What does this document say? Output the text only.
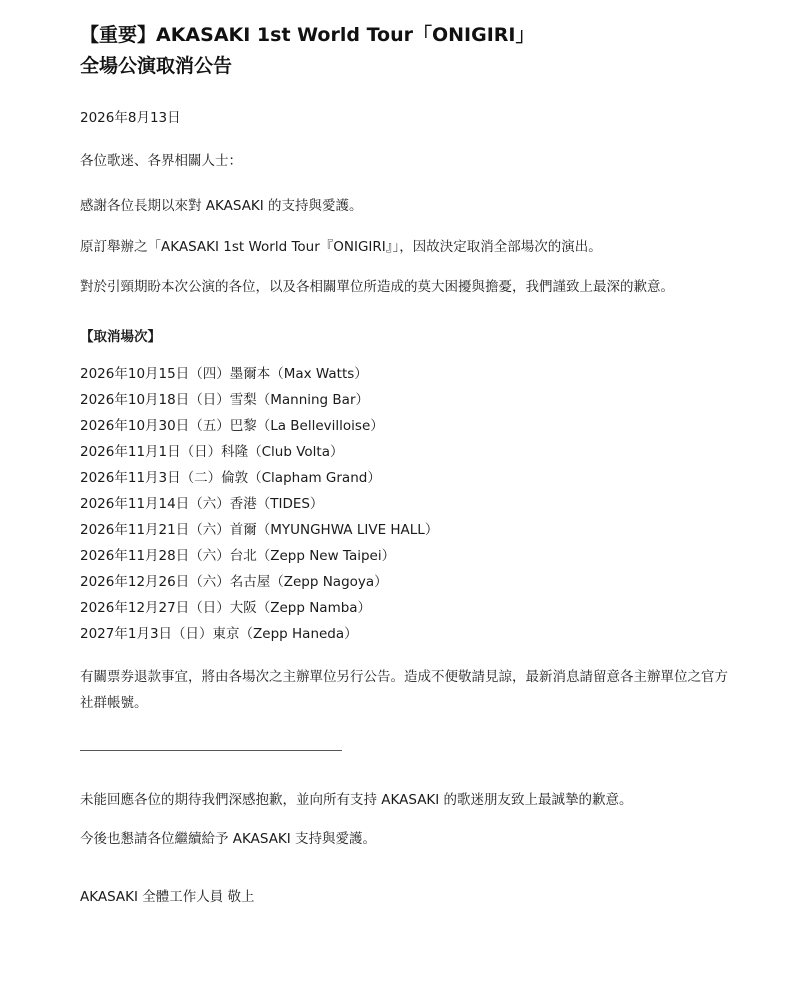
【重要】AKASAKI 1st World Tour「ONIGIRI」
全場公演取消公告

2026年8月13日

各位歌迷、各界相關人士：

感謝各位長期以來對 AKASAKI 的支持與愛護。

原訂舉辦之「AKASAKI 1st World Tour『ONIGIRI』」，因故決定取消全部場次的演出。

對於引頸期盼本次公演的各位，以及各相關單位所造成的莫大困擾與擔憂，我們謹致上最深的歉意。

【取消場次】

2026年10月15日（四）墨爾本（Max Watts）
2026年10月18日（日）雪梨（Manning Bar）
2026年10月30日（五）巴黎（La Bellevilloise）
2026年11月1日（日）科隆（Club Volta）
2026年11月3日（二）倫敦（Clapham Grand）
2026年11月14日（六）香港（TIDES）
2026年11月21日（六）首爾（MYUNGHWA LIVE HALL）
2026年11月28日（六）台北（Zepp New Taipei）
2026年12月26日（六）名古屋（Zepp Nagoya）
2026年12月27日（日）大阪（Zepp Namba）
2027年1月3日（日）東京（Zepp Haneda）

有關票券退款事宜，將由各場次之主辦單位另行公告。造成不便敬請見諒，最新消息請留意各主辦單位之官方社群帳號。

未能回應各位的期待我們深感抱歉，並向所有支持 AKASAKI 的歌迷朋友致上最誠摯的歉意。

今後也懇請各位繼續給予 AKASAKI 支持與愛護。

AKASAKI 全體工作人員 敬上
